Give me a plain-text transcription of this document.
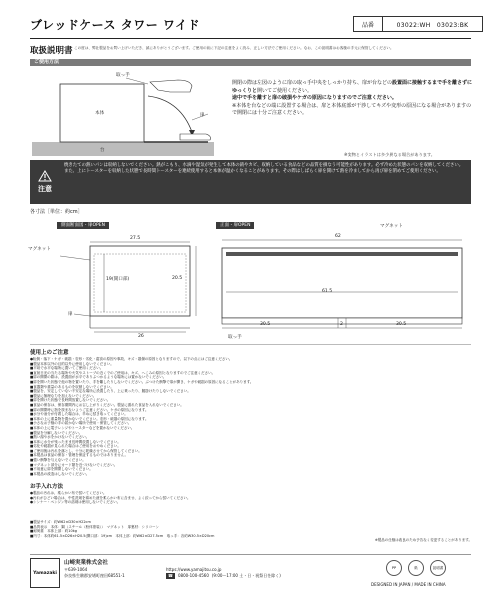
ブレッドケース タワー ワイド	品番	03022:WH　03023:BK
取扱説明書 この度は、弊社製品をお買い上げいただき、誠にありがとうございます。ご使用の前に下記の注意をよく読み、正しい方法でご使用ください。なお、この説明書はお客様の手元に保管してください。
ご使用方法
取っ手
本体	扉
台
開閉の際は左図のように扉の取っ手中央をしっかり持ち、扉が台などの設置面に接触するまで手を離さずにゆっくりと開いてご使用ください。
途中で手を離すと扉の破損やケガの原因になりますのでご注意ください。
※本体を台などの端に設置する場合は、扉と本体底部が干渉してキズや変形の原因になる場合がありますので開閉には十分ご注意ください。
※実物とイラストは多少異なる場合があります。
注意
焼きたての熱いパンは収納しないでください。熱がこもり、水滴や湿気が発生して本体の錆やカビ、収納している食品などの品質を損なう可能性があります。必ず冷めた状態のパンを収納してください。また、上にトースターを収納した状態で長時間トースターを連続使用すると本体が温かくなることがあります。その際はしばらく扉を開けて熱を冷ましてから再び扉を閉めてご使用ください。
各寸法［単位：約cm］
側面断面図・扉OPEN
マグネット
扉
27.5
19(開口部)	20.5
26
正面・扉OPEN	マグネット
62
61.5
30.5	2	30.5
取っ手
使用上のご注意
●転倒・落下・ケガ・破損・変形・劣化・腐食の原因や事故、キズ・損傷の原因となりますので、以下の点にはご注意ください。
■製品本体以外の目的以外に使用しないでください。
■平坦で水平な場所に置いてご使用ください。
■直射日光の当たる場所や火気やストーブの近くでのご使用は、キズ、ヘこみの原因となりますのでご注意ください。
■扉の開閉の際は、設置面が水平でありぶつかるような場所には置かないでください。
■扉を開いた状態で他の物を置いたり、手を離したりしないでください。ぶつけた衝撃で扉が開き、ケガや破損の原因になることがあります。
■食器類や重量のあるものを収納しないでください。
■製品を、安定していない不安定な場所に設置したり、上に乗ったり、腰掛けたりしないでください。
■製品に無理な力を加えないでください。
■扉を開けた状態で長時間放置しないでください。
■食品の保存は、保存期間内にお召し上がりください。製品に濡れた食品を入れないでください。
■扉の開閉時に指を挟まないようご注意ください。ケガの原因になります。
■水分や油分が付着した場合は、早めに拭き取ってください。
■本体の上に重量物を置かないでください。変形・破損の原因になります。
■小さなお子様の手の届かない場所で使用・保管してください。
■本体の上に電子レンジやトースターなどを置かないでください。
■製品を分解しないでください。
■熱い湯や水をかけないでください。
■本体に水分が残ったまま長時間放置しないでください。
■劣化や破損が見られた場合はご使用をおやめください。
■ご使用後は汚れを落とし、十分に乾燥させてから保管してください。
■本製品は食品の保存・管理を保証するものではありません。
■強い衝撃を与えないでください。
■マグネット部分にカード類を近づけないでください。
■不用意に扉を開閉しないでください。
■本製品の改造はしないでください。
お手入れ方法
●製品の汚れは、柔らかい布で拭いてください。
●汚れがひどい場合は、中性洗剤を薄めた液を柔らかい布に含ませ、よく絞ってから拭いてください。
●シンナー・ベンジン等の溶剤は使用しないでください。
■製品サイズ：約W62×D30×H22cm
■品質表示　本体：鋼（スチール（粉体塗装））　マグネット　扉裏材：シリコーン
■耐荷重　本体上部：約10kg
■内寸：本体約61.5×D26×H20.5(開口部：19)cm　本体上部：約W62×D27.5cm　取っ手：各約W30.5×D20cm
※製品の仕様は改良のため予告なく変更することがあります。
Yamazaki
山崎実業株式会社
〒639-1064
奈良県生駒郡安堵町窪田68551-1
https://www.yamajitsu.co.jp
☎	0800-100-4560 (9:00〜17:00 土・日・祝祭日を除く)
PP	紙	説明書
DESIGNED IN JAPAN / MADE IN CHINA
